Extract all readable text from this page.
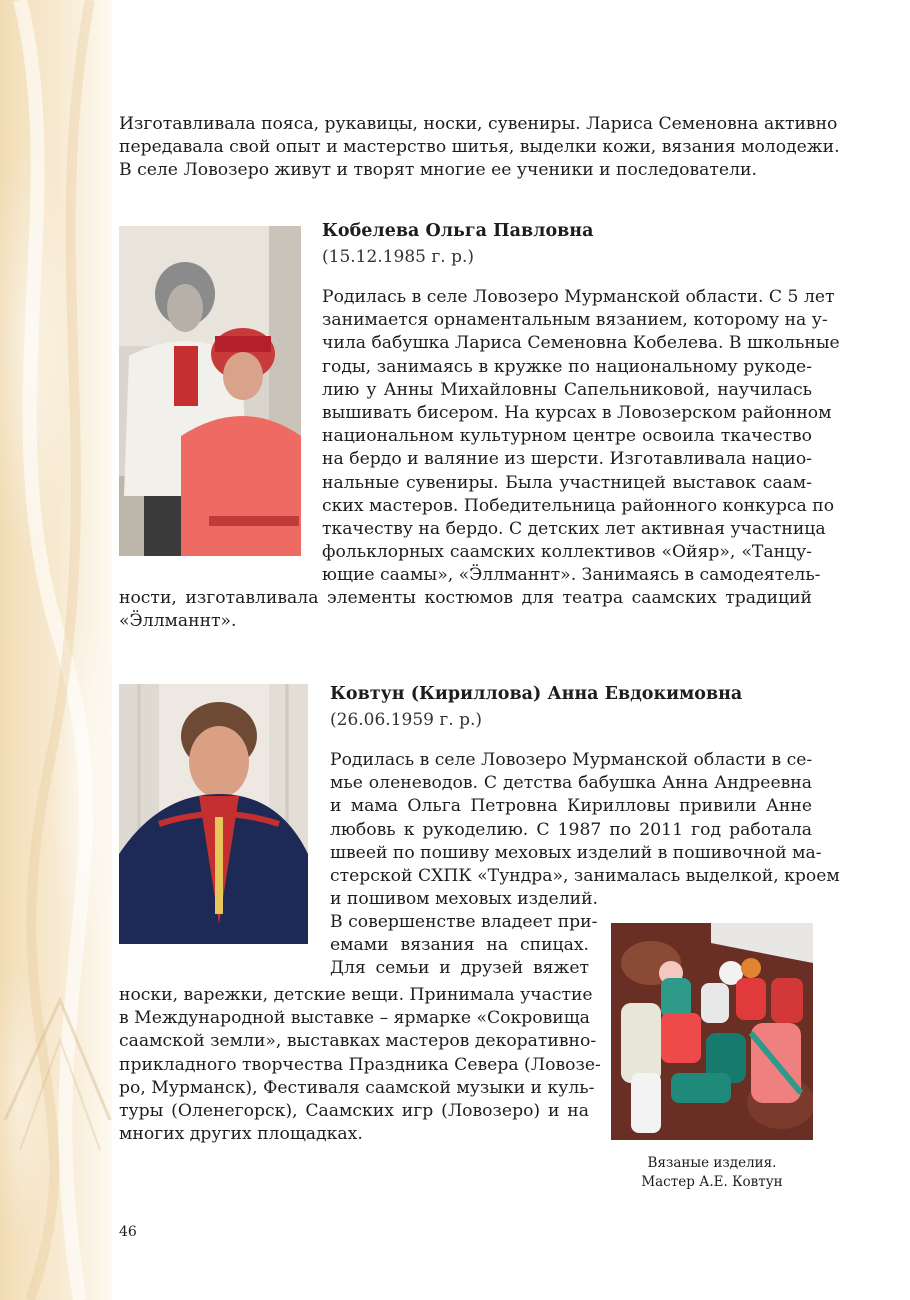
Изготавливала пояса, рукавицы, носки, сувениры. Лариса Семеновна активно
передавала свой опыт и мастерство шитья, выделки кожи, вязания молодежи.
В селе Ловозеро живут и творят многие ее ученики и последователи.
Кобелева Ольга Павловна
(15.12.1985 г. р.)
Родилась в селе Ловозеро Мурманской области. С 5 лет
занимается орнаментальным вязанием, которому на у-
чила бабушка Лариса Семеновна Кобелева. В школьные
годы, занимаясь в кружке по национальному рукоде-
лию у Анны Михайловны Сапельниковой, научилась
вышивать бисером. На курсах в Ловозерском районном
национальном культурном центре освоила ткачество
на бердо и валяние из шерсти. Изготавливала нацио-
нальные сувениры. Была участницей выставок саам-
ских мастеров. Победительница районного конкурса по
ткачеству на бердо. С детских лет активная участница
фольклорных саамских коллективов «Ойяр», «Танцу-
ющие саамы», «Ӭллманнт». Занимаясь в самодеятель-
ности, изготавливала элементы костюмов для театра саамских традиций
«Ӭллманнт».
Ковтун (Кириллова) Анна Евдокимовна
(26.06.1959 г. р.)
Родилась в селе Ловозеро Мурманской области в се-
мье оленеводов. С детства бабушка Анна Андреевна
и мама Ольга Петровна Кирилловы привили Анне
любовь к рукоделию. С 1987 по 2011 год работала
швеей по пошиву меховых изделий в пошивочной ма-
стерской СХПК «Тундра», занималась выделкой, кроем
и пошивом меховых изделий.
В совершенстве владеет при-
емами вязания на спицах.
Для семьи и друзей вяжет
носки, варежки, детские вещи. Принимала участие
в Международной выставке – ярмарке «Сокровища
саамской земли», выставках мастеров декоративно-
прикладного творчества Праздника Севера (Ловозе-
ро, Мурманск), Фестиваля саамской музыки и куль-
туры (Оленегорск), Саамских игр (Ловозеро) и на
многих других площадках.
Вязаные изделия.
Мастер А.Е. Ковтун
46
